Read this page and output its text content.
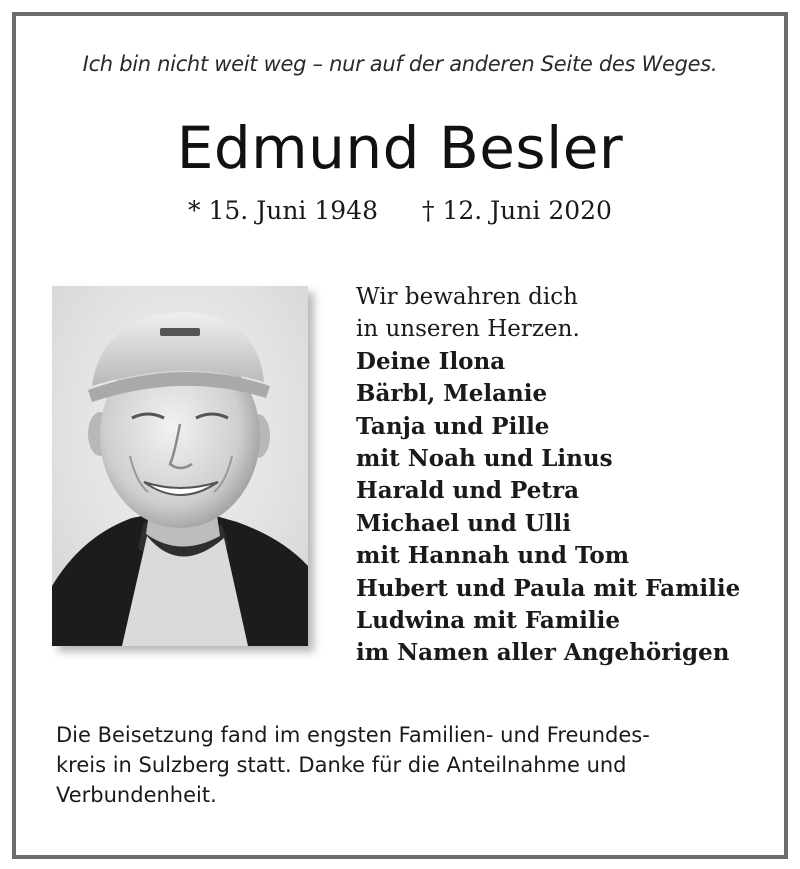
Ich bin nicht weit weg – nur auf der anderen Seite des Weges.
Edmund Besler
* 15. Juni 1948 † 12. Juni 2020
Wir bewahren dich
in unseren Herzen.
Deine Ilona
Bärbl, Melanie
Tanja und Pille
mit Noah und Linus
Harald und Petra
Michael und Ulli
mit Hannah und Tom
Hubert und Paula mit Familie
Ludwina mit Familie
im Namen aller Angehörigen
Die Beisetzung fand im engsten Familien- und Freundes-
kreis in Sulzberg statt. Danke für die Anteilnahme und
Verbundenheit.
